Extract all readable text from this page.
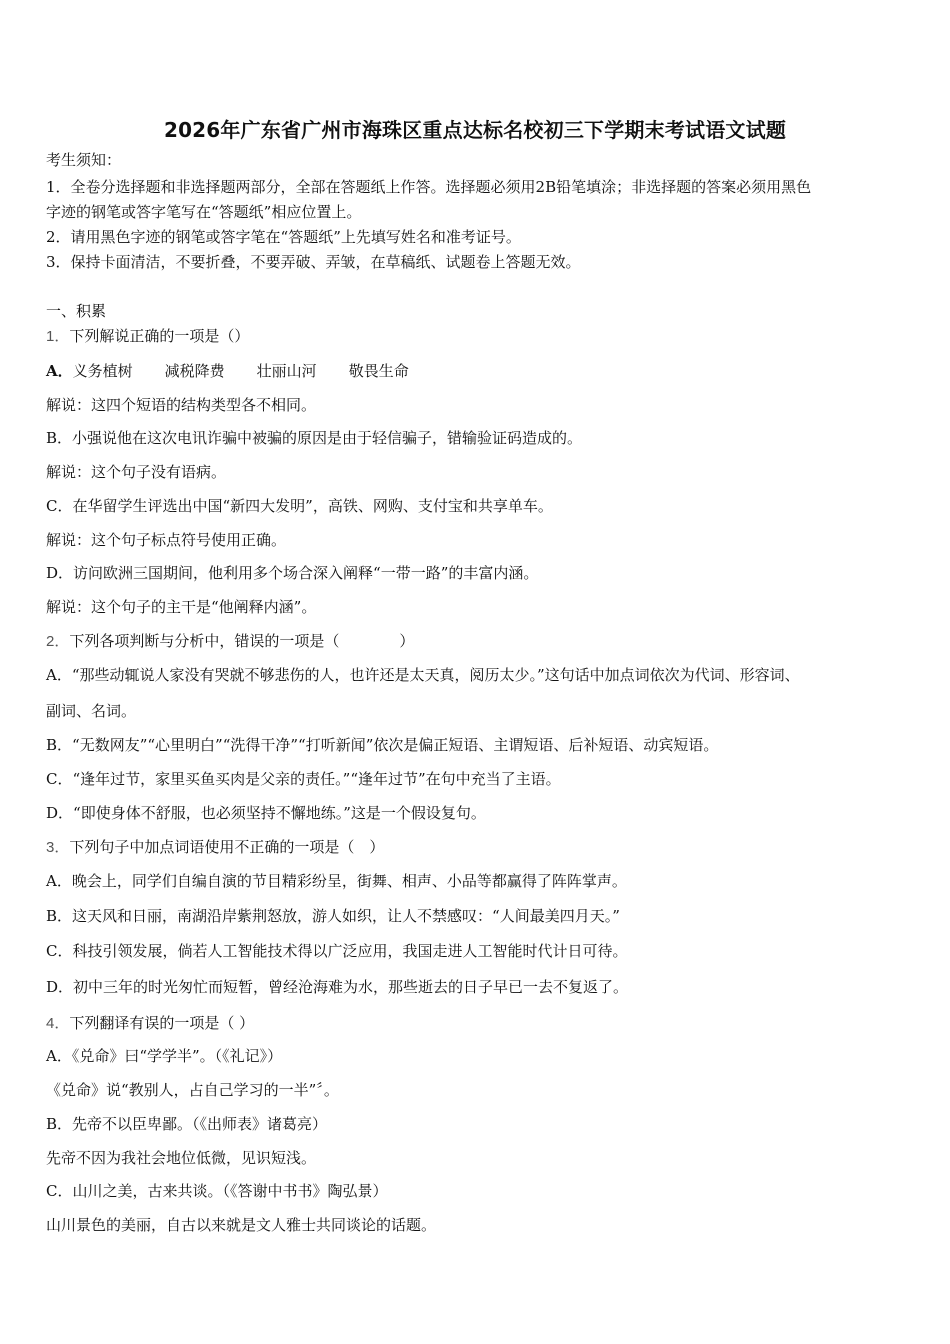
2026年广东省广州市海珠区重点达标名校初三下学期末考试语文试题
考生须知：
1．全卷分选择题和非选择题两部分，全部在答题纸上作答。选择题必须用2B铅笔填涂；非选择题的答案必须用黑色
字迹的钢笔或答字笔写在“答题纸”相应位置上。
2．请用黑色字迹的钢笔或答字笔在“答题纸”上先填写姓名和准考证号。
3．保持卡面清洁，不要折叠，不要弄破、弄皱，在草稿纸、试题卷上答题无效。
一、积累
1．下列解说正确的一项是（）
A．义务植树 减税降费 壮丽山河 敬畏生命
解说：这四个短语的结构类型各不相同。
B．小强说他在这次电讯诈骗中被骗的原因是由于轻信骗子，错输验证码造成的。
解说：这个句子没有语病。
C．在华留学生评选出中国“新四大发明”，高铁、网购、支付宝和共享单车。
解说：这个句子标点符号使用正确。
D．访问欧洲三国期间，他利用多个场合深入阐释“一带一路”的丰富内涵。
解说：这个句子的主干是“他阐释内涵”。
2．下列各项判断与分析中，错误的一项是（　　　　）
A．“那些动辄说人家没有哭就不够悲伤的人，也许还是太天真，阅历太少。”这句话中加点词依次为代词、形容词、
副词、名词。
B．“无数网友”“心里明白”“洗得干净”“打听新闻”依次是偏正短语、主谓短语、后补短语、动宾短语。
C．“逢年过节，家里买鱼买肉是父亲的责任。”“逢年过节”在句中充当了主语。
D．“即使身体不舒服，也必须坚持不懈地练。”这是一个假设复句。
3．下列句子中加点词语使用不正确的一项是（　）
A．晚会上，同学们自编自演的节目精彩纷呈，街舞、相声、小品等都赢得了阵阵掌声。
B．这天风和日丽，南湖沿岸紫荆怒放，游人如织，让人不禁感叹：“人间最美四月天。”
C．科技引领发展，倘若人工智能技术得以广泛应用，我国走进人工智能时代计日可待。
D．初中三年的时光匆忙而短暂，曾经沧海难为水，那些逝去的日子早已一去不复返了。
4．下列翻译有误的一项是（ ）
A．《兑命》曰“学学半”。（《礼记》）
《兑命》说“教别人，占自己学习的一半”〞。
B．先帝不以臣卑鄙。（《出师表》诸葛亮）
先帝不因为我社会地位低微，见识短浅。
C．山川之美，古来共谈。（《答谢中书书》陶弘景）
山川景色的美丽，自古以来就是文人雅士共同谈论的话题。
